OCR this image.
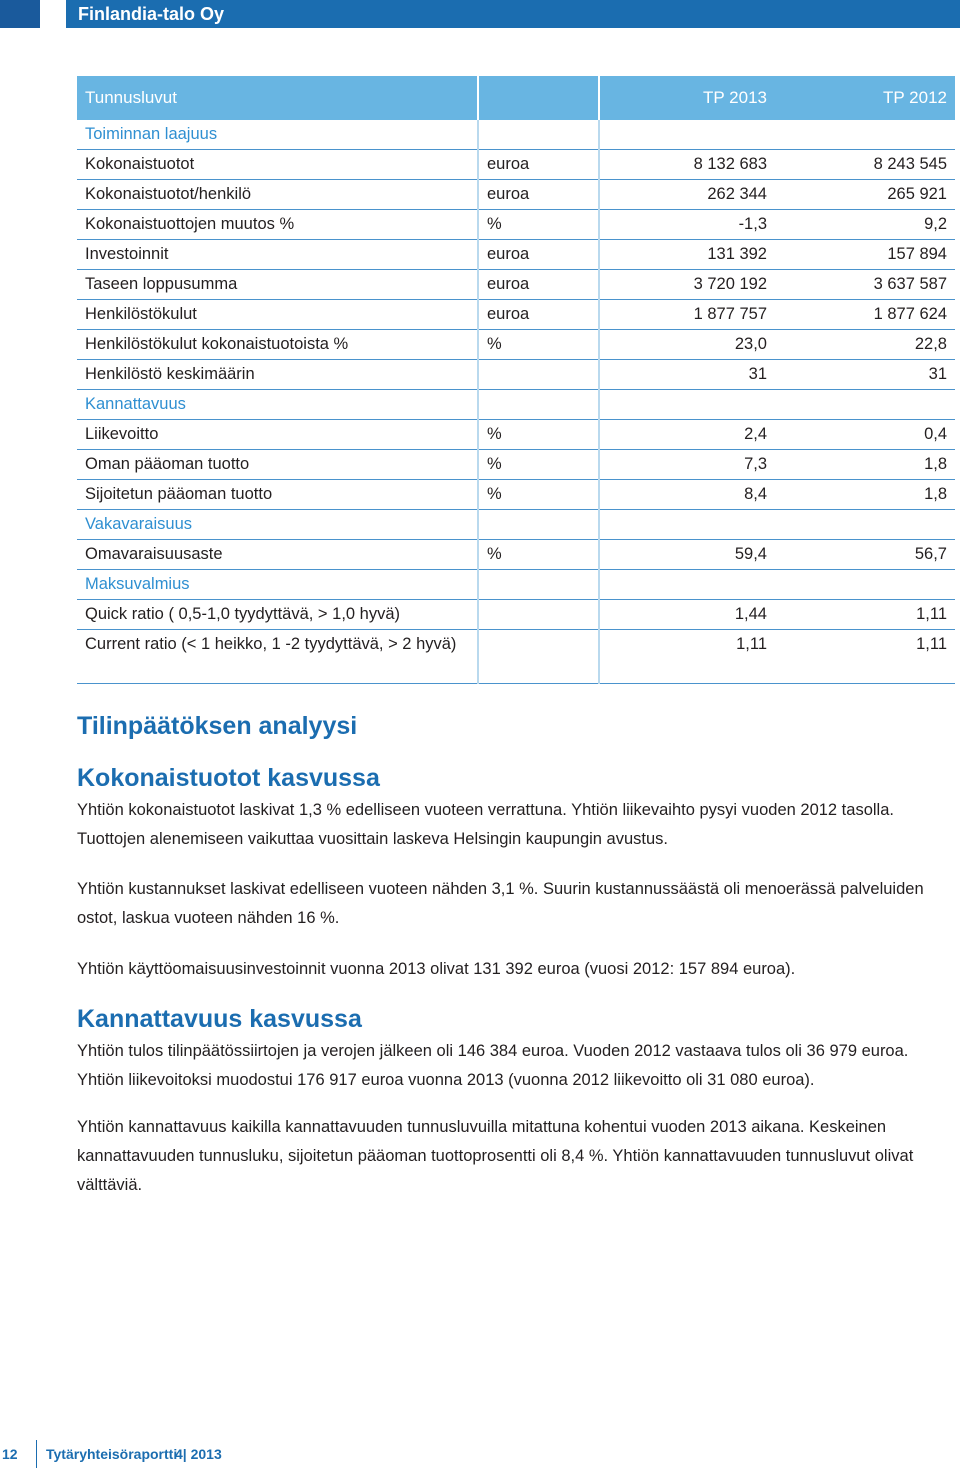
Finlandia-talo Oy
Tunnusluvut		TP 2013	TP 2012
Toiminnan laajuus			
Kokonaistuotot	euroa	8 132 683	8 243 545
Kokonaistuotot/henkilö	euroa	262 344	265 921
Kokonaistuottojen muutos %	%	-1,3	9,2
Investoinnit	euroa	131 392	157 894
Taseen loppusumma	euroa	3 720 192	3 637 587
Henkilöstökulut	euroa	1 877 757	1 877 624
Henkilöstökulut kokonaistuotoista %	%	23,0	22,8
Henkilöstö keskimäärin		31	31
Kannattavuus			
Liikevoitto	%	2,4	0,4
Oman pääoman tuotto	%	7,3	1,8
Sijoitetun pääoman tuotto	%	8,4	1,8
Vakavaraisuus			
Omavaraisuusaste	%	59,4	56,7
Maksuvalmius			
Quick ratio ( 0,5-1,0 tyydyttävä, > 1,0 hyvä)		1,44	1,11
Current ratio (< 1 heikko, 1 -2 tyydyttävä, > 2 hyvä)		1,11	1,11
Tilinpäätöksen analyysi
Kokonaistuotot kasvussa

Yhtiön kokonaistuotot laskivat 1,3 % edelliseen vuoteen verrattuna. Yhtiön liikevaihto pysyi vuoden 2012 tasolla. Tuottojen alenemiseen vaikuttaa vuosittain laskeva Helsingin kaupungin avustus.

Yhtiön kustannukset laskivat edelliseen vuoteen nähden 3,1 %. Suurin kustannussäästä oli menoerässä palveluiden ostot, laskua vuoteen nähden 16 %.

Yhtiön käyttöomaisuusinvestoinnit vuonna 2013 olivat 131 392 euroa (vuosi 2012: 157 894 euroa).

Kannattavuus kasvussa

Yhtiön tulos tilinpäätössiirtojen ja verojen jälkeen oli 146 384 euroa. Vuoden 2012 vastaava tulos oli 36 979 euroa. Yhtiön liikevoitoksi muodostui 176 917 euroa vuonna 2013 (vuonna 2012 liikevoitto oli 31 080 euroa).

Yhtiön kannattavuus kaikilla kannattavuuden tunnusluvuilla mitattuna kohentui vuoden 2013 aikana. Keskeinen kannattavuuden tunnusluku, sijoitetun pääoman tuottoprosentti oli 8,4 %. Yhtiön kannattavuuden tunnusluvut olivat välttäviä.

12 Tytäryhteisöraportti
4| 2013
